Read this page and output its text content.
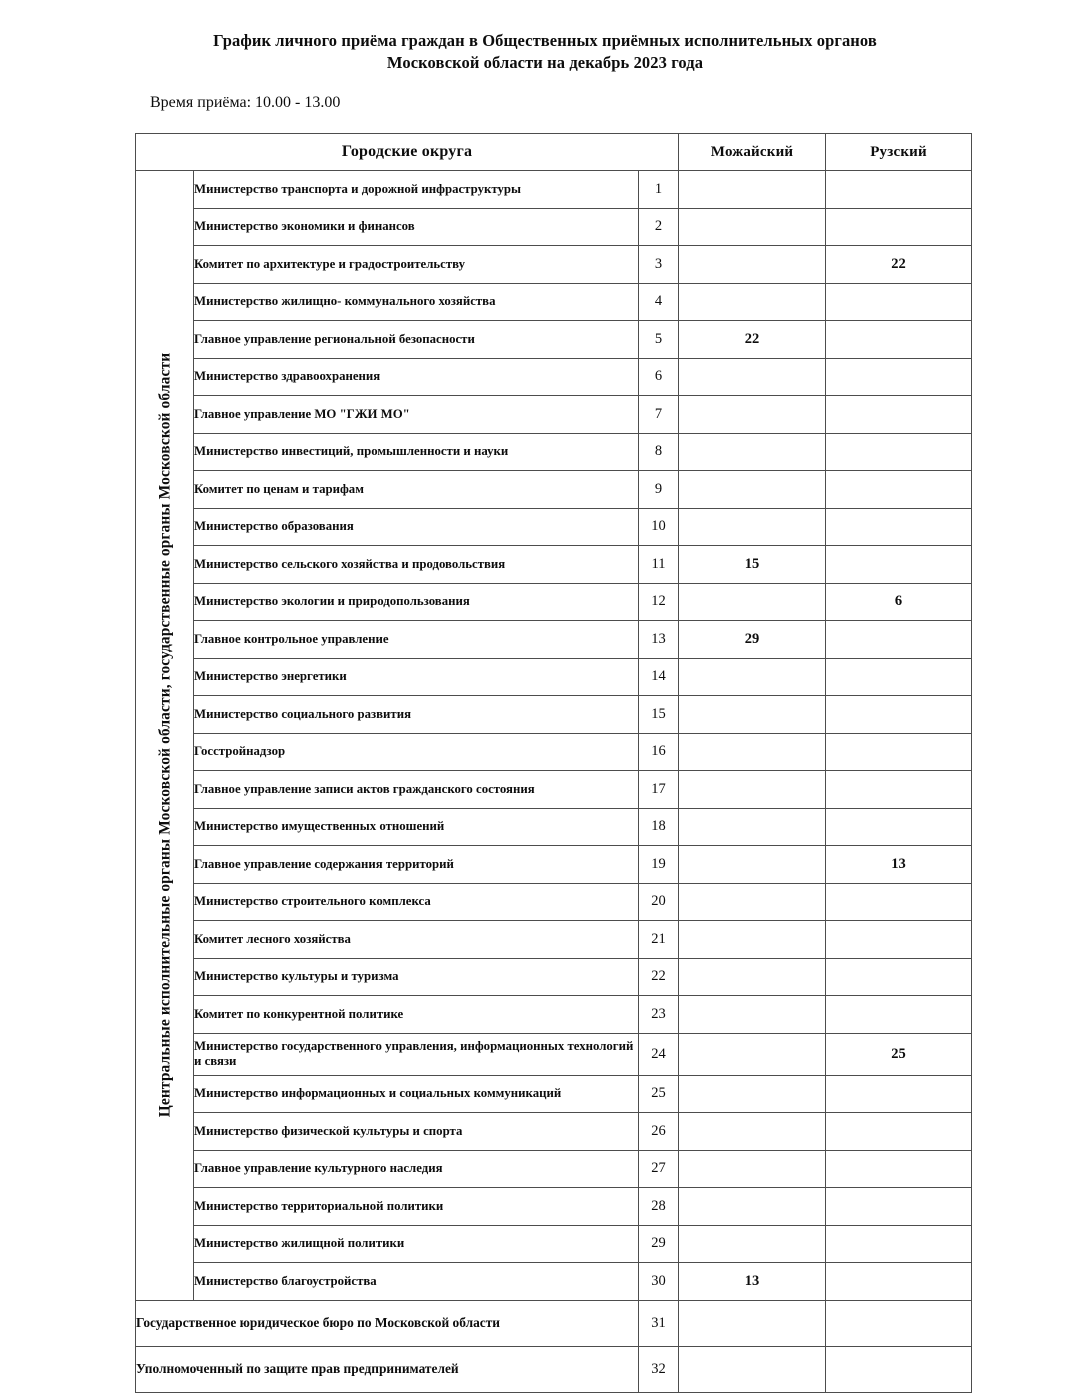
График личного приёма граждан в Общественных приёмных исполнительных органов
Московской области на декабрь 2023 года
Время приёма: 10.00 - 13.00
Городские округа			Можайский	Рузский

Центральные исполнительные органы Московской области, государственные органы Московской области	Министерство транспорта и дорожной инфраструктуры	1		
	Министерство экономики и финансов	2		
	Комитет по архитектуре и градостроительству	3		22
	Министерство жилищно- коммунального хозяйства	4		
	Главное управление региональной безопасности	5	22	
	Министерство здравоохранения	6		
	Главное управление МО "ГЖИ МО"	7		
	Министерство инвестиций, промышленности и науки	8		
	Комитет по ценам и тарифам	9		
	Министерство образования	10		
	Министерство сельского хозяйства и продовольствия	11	15	
	Министерство экологии и природопользования	12		6
	Главное контрольное управление	13	29	
	Министерство энергетики	14		
	Министерство социального развития	15		
	Госстройнадзор	16		
	Главное управление записи актов гражданского состояния	17		
	Министерство имущественных отношений	18		
	Главное управление содержания территорий	19		13
	Министерство строительного комплекса	20		
	Комитет лесного хозяйства	21		
	Министерство культуры и туризма	22		
	Комитет по конкурентной политике	23		
	Министерство государственного управления, информационных технологий и связи	24		25
	Министерство информационных и социальных коммуникаций	25		
	Министерство физической культуры и спорта	26		
	Главное управление культурного наследия	27		
	Министерство территориальной политики	28		
	Министерство жилищной политики	29		
	Министерство благоустройства	30	13	
Государственное юридическое бюро по Московской области		31		
Уполномоченный по защите прав предпринимателей		32		
